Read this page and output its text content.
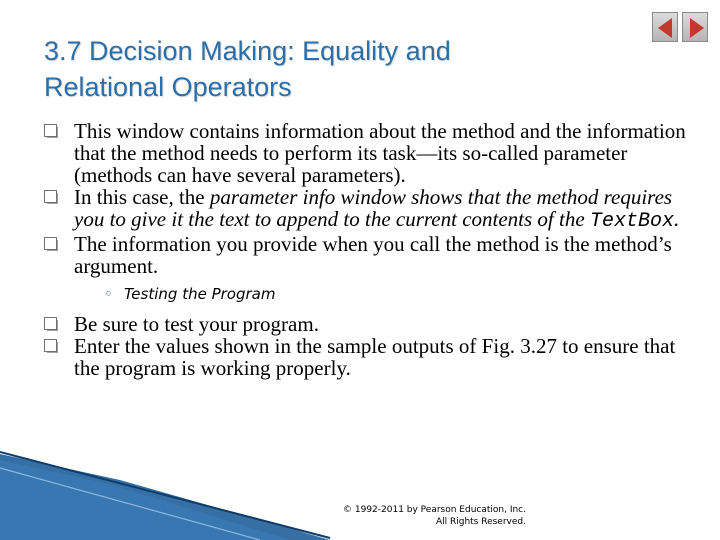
3.7 Decision Making: Equality and
Relational Operators
This window contains information about the method and the information that the method needs to perform its task—its so-called parameter (methods can have several parameters).
In this case, the parameter info window shows that the method requires you to give it the text to append to the current contents of the TextBox.
The information you provide when you call the method is the method’s argument.
◦ Testing the Program
Be sure to test your program.
Enter the values shown in the sample outputs of Fig. 3.27 to ensure that the program is working properly.
© 1992-2011 by Pearson Education, Inc.
All Rights Reserved.
